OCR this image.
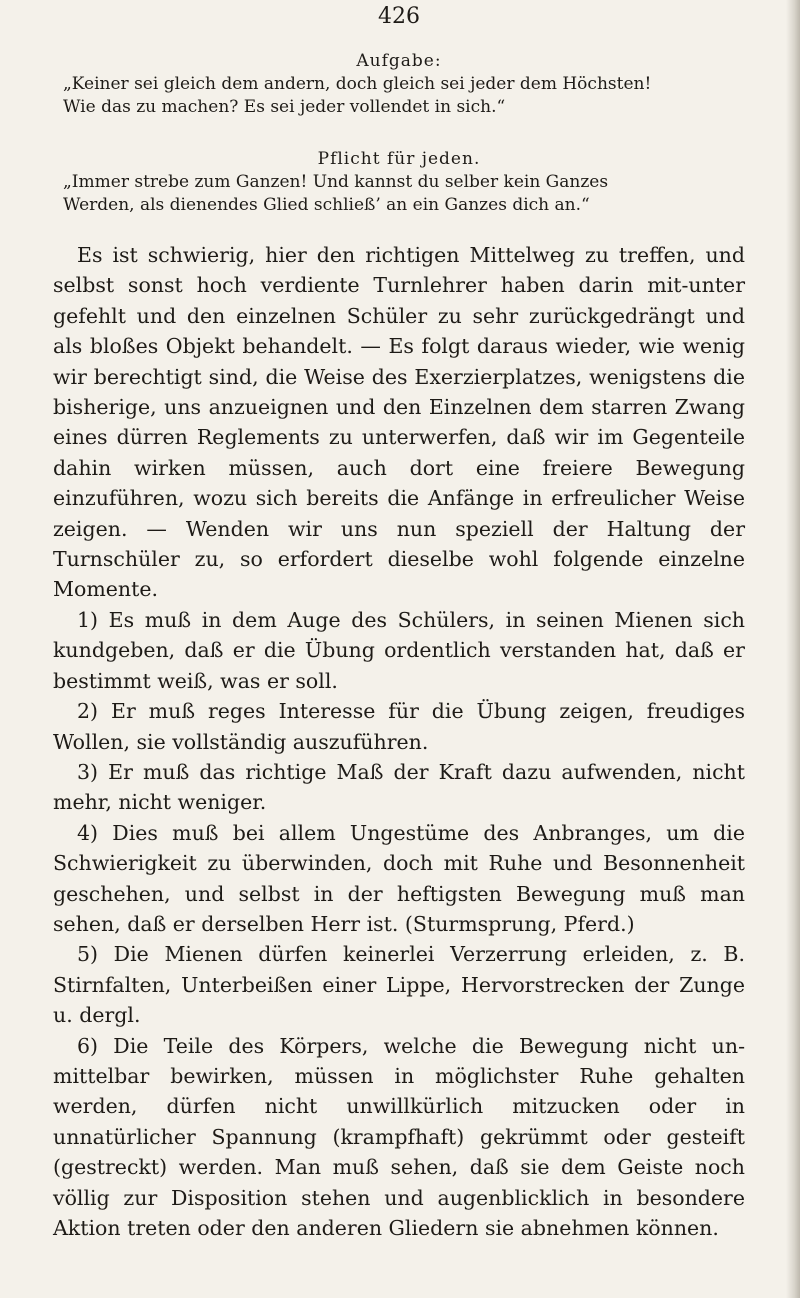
426

Aufgabe:

„Keiner sei gleich dem andern, doch gleich sei jeder dem Höchsten!

Wie das zu machen? Es sei jeder vollendet in sich.“

Pflicht für jeden.

„Immer strebe zum Ganzen! Und kannst du selber kein Ganzes

Werden, als dienendes Glied schließ’ an ein Ganzes dich an.“

Es ist schwierig, hier den richtigen Mittelweg zu treffen, und selbst sonst hoch verdiente Turnlehrer haben darin mit-unter gefehlt und den einzelnen Schüler zu sehr zurückgedrängt und als bloßes Objekt behandelt. — Es folgt daraus wieder, wie wenig wir berechtigt sind, die Weise des Exerzierplatzes, wenigstens die bisherige, uns anzueignen und den Einzelnen dem starren Zwang eines dürren Reglements zu unterwerfen, daß wir im Gegenteile dahin wirken müssen, auch dort eine freiere Bewegung einzuführen, wozu sich bereits die Anfänge in erfreulicher Weise zeigen. — Wenden wir uns nun speziell der Haltung der Turnschüler zu, so erfordert dieselbe wohl folgende einzelne Momente.

1) Es muß in dem Auge des Schülers, in seinen Mienen sich kundgeben, daß er die Übung ordentlich verstanden hat, daß er bestimmt weiß, was er soll.

2) Er muß reges Interesse für die Übung zeigen, freudiges Wollen, sie vollständig auszuführen.

3) Er muß das richtige Maß der Kraft dazu aufwenden, nicht mehr, nicht weniger.

4) Dies muß bei allem Ungestüme des Anbranges, um die Schwierigkeit zu überwinden, doch mit Ruhe und Besonnenheit geschehen, und selbst in der heftigsten Bewegung muß man sehen, daß er derselben Herr ist. (Sturmsprung, Pferd.)

5) Die Mienen dürfen keinerlei Verzerrung erleiden, z. B. Stirnfalten, Unterbeißen einer Lippe, Hervorstrecken der Zunge u. dergl.

6) Die Teile des Körpers, welche die Bewegung nicht un-mittelbar bewirken, müssen in möglichster Ruhe gehalten werden, dürfen nicht unwillkürlich mitzucken oder in unnatürlicher Spannung (krampfhaft) gekrümmt oder gesteift (gestreckt) werden. Man muß sehen, daß sie dem Geiste noch völlig zur Disposition stehen und augenblicklich in besondere Aktion treten oder den anderen Gliedern sie abnehmen können.
